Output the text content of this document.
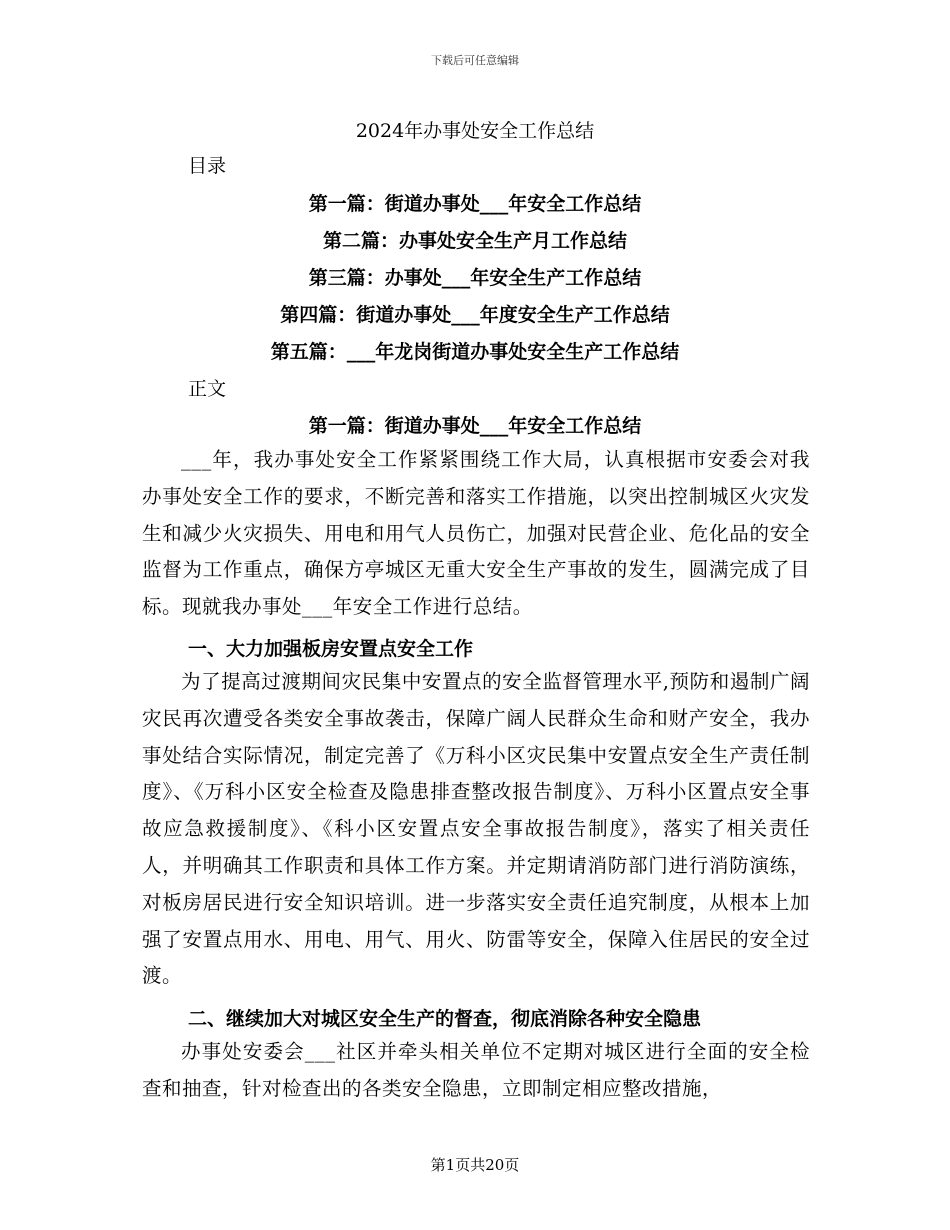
下载后可任意编辑
2024年办事处安全工作总结
目录
第一篇：街道办事处___年安全工作总结
第二篇：办事处安全生产月工作总结
第三篇：办事处___年安全生产工作总结
第四篇：街道办事处___年度安全生产工作总结
第五篇：___年龙岗街道办事处安全生产工作总结
正文
第一篇：街道办事处___年安全工作总结
___年，我办事处安全工作紧紧围绕工作大局，认真根据市安委会对我办事处安全工作的要求，不断完善和落实工作措施，以突出控制城区火灾发生和减少火灾损失、用电和用气人员伤亡，加强对民营企业、危化品的安全监督为工作重点，确保方亭城区无重大安全生产事故的发生，圆满完成了目标。现就我办事处___年安全工作进行总结。
一、大力加强板房安置点安全工作
为了提高过渡期间灾民集中安置点的安全监督管理水平,预防和遏制广阔灾民再次遭受各类安全事故袭击，保障广阔人民群众生命和财产安全，我办事处结合实际情况，制定完善了《万科小区灾民集中安置点安全生产责任制度》、《万科小区安全检查及隐患排查整改报告制度》、万科小区置点安全事故应急救援制度》、《科小区安置点安全事故报告制度》，落实了相关责任人，并明确其工作职责和具体工作方案。并定期请消防部门进行消防演练，对板房居民进行安全知识培训。进一步落实安全责任追究制度，从根本上加强了安置点用水、用电、用气、用火、防雷等安全，保障入住居民的安全过渡。
二、继续加大对城区安全生产的督查，彻底消除各种安全隐患
办事处安委会___社区并牵头相关单位不定期对城区进行全面的安全检查和抽查，针对检查出的各类安全隐患，立即制定相应整改措施，
第1页共20页
